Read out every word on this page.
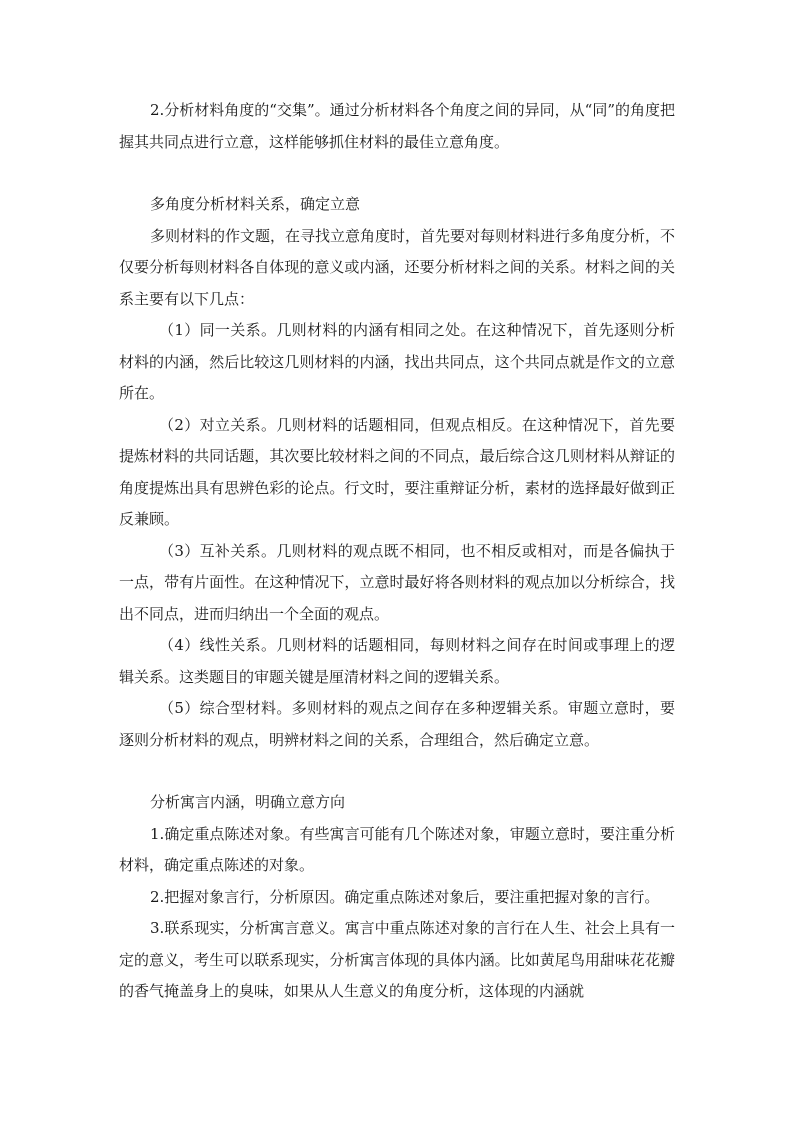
2.分析材料角度的“交集”。通过分析材料各个角度之间的异同，从“同”的角度把握其共同点进行立意，这样能够抓住材料的最佳立意角度。

多角度分析材料关系，确定立意

多则材料的作文题，在寻找立意角度时，首先要对每则材料进行多角度分析，不仅要分析每则材料各自体现的意义或内涵，还要分析材料之间的关系。材料之间的关系主要有以下几点：

（1）同一关系。几则材料的内涵有相同之处。在这种情况下，首先逐则分析材料的内涵，然后比较这几则材料的内涵，找出共同点，这个共同点就是作文的立意所在。

（2）对立关系。几则材料的话题相同，但观点相反。在这种情况下，首先要提炼材料的共同话题，其次要比较材料之间的不同点，最后综合这几则材料从辩证的角度提炼出具有思辨色彩的论点。行文时，要注重辩证分析，素材的选择最好做到正反兼顾。

（3）互补关系。几则材料的观点既不相同，也不相反或相对，而是各偏执于一点，带有片面性。在这种情况下，立意时最好将各则材料的观点加以分析综合，找出不同点，进而归纳出一个全面的观点。

（4）线性关系。几则材料的话题相同，每则材料之间存在时间或事理上的逻辑关系。这类题目的审题关键是厘清材料之间的逻辑关系。

（5）综合型材料。多则材料的观点之间存在多种逻辑关系。审题立意时，要逐则分析材料的观点，明辨材料之间的关系，合理组合，然后确定立意。

分析寓言内涵，明确立意方向

1.确定重点陈述对象。有些寓言可能有几个陈述对象，审题立意时，要注重分析材料，确定重点陈述的对象。

2.把握对象言行，分析原因。确定重点陈述对象后，要注重把握对象的言行。

3.联系现实，分析寓言意义。寓言中重点陈述对象的言行在人生、社会上具有一定的意义，考生可以联系现实，分析寓言体现的具体内涵。比如黄尾鸟用甜味花花瓣的香气掩盖身上的臭味，如果从人生意义的角度分析，这体现的内涵就
